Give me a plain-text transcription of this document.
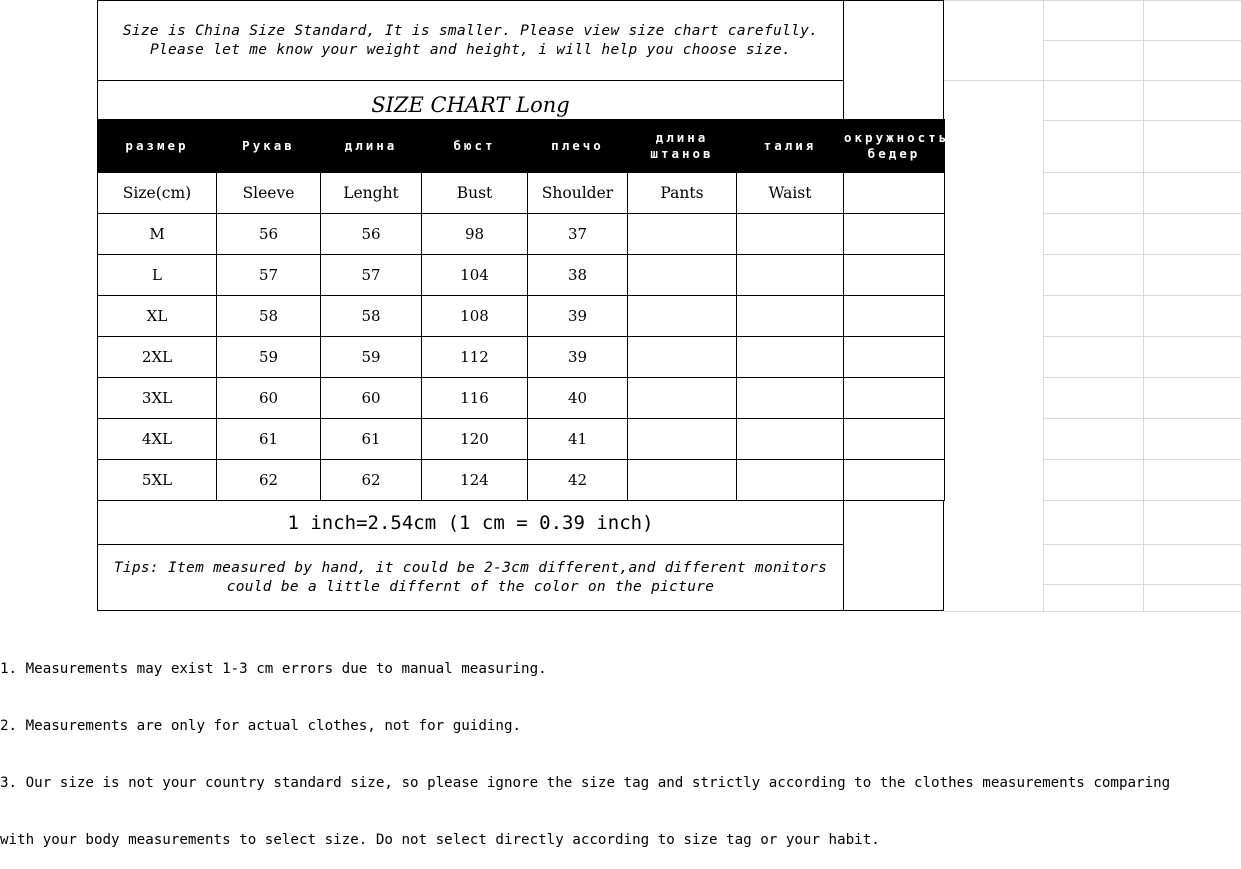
Size is China Size Standard, It is smaller. Please view size chart carefully.
Please let me know your weight and height, i will help you choose size.
SIZE CHART Long
размер	Рукав	длина	бюст	плечо	длина штанов	талия	окружность бедер
Size(cm)	Sleeve	Lenght	Bust	Shoulder	Pants	Waist	
M	56	56	98	37			
L	57	57	104	38			
XL	58	58	108	39			
2XL	59	59	112	39			
3XL	60	60	116	40			
4XL	61	61	120	41			
5XL	62	62	124	42			
1 inch=2.54cm (1 cm = 0.39 inch)
Tips: Item measured by hand, it could be 2-3cm different,and different monitors
could be a little differnt of the color on the picture

1. Measurements may exist 1-3 cm errors due to manual measuring.

2. Measurements are only for actual clothes, not for guiding.

3. Our size is not your country standard size, so please ignore the size tag and strictly according to the clothes measurements comparing

with your body measurements to select size. Do not select directly according to size tag or your habit.
